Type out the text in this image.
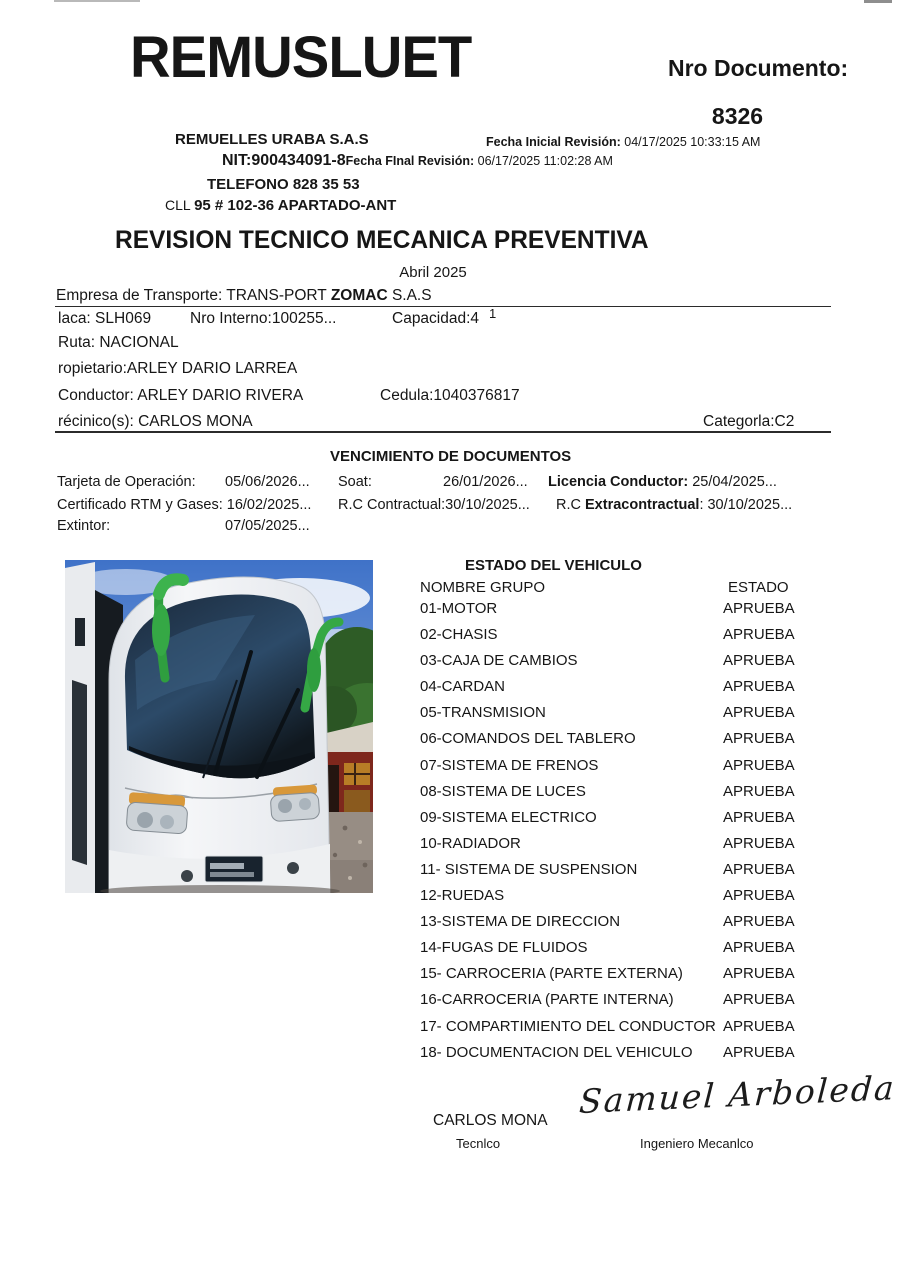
REMUSLUET	Nro Documento:
8326
REMUELLES URABA S.A.S	Fecha Inicial Revisión: 04/17/2025 10:33:15 AM
NIT:900434091-8Fecha FInal Revisión: 06/17/2025 11:02:28 AM
TELEFONO 828 35 53
CLL 95 # 102-36 APARTADO-ANT
REVISION TECNICO MECANICA PREVENTIVA
Abril 2025
Empresa de Transporte: TRANS-PORT ZOMAC S.A.S
laca: SLH069	Nro Interno:100255...	Capacidad:4 1
Ruta: NACIONAL
ropietario:ARLEY DARIO LARREA
Conductor: ARLEY DARIO RIVERA	Cedula:1040376817
récinico(s): CARLOS MONA	Categorla:C2
VENCIMIENTO DE DOCUMENTOS
Tarjeta de Operación: 05/06/2026... Soat:	26/01/2026... Licencia Conductor: 25/04/2025...
Certificado RTM y Gases: 16/02/2025... R.C Contractual:30/10/2025... R.C Extracontractual: 30/10/2025...
Extintor:	07/05/2025...
ESTADO DEL VEHICULO
NOMBRE GRUPO	ESTADO
01-MOTOR	APRUEBA
02-CHASIS	APRUEBA
03-CAJA DE CAMBIOS	APRUEBA
04-CARDAN	APRUEBA
05-TRANSMISION	APRUEBA
06-COMANDOS DEL TABLERO	APRUEBA
07-SISTEMA DE FRENOS	APRUEBA
08-SISTEMA DE LUCES	APRUEBA
09-SISTEMA ELECTRICO	APRUEBA
10-RADIADOR	APRUEBA
11- SISTEMA DE SUSPENSION	APRUEBA
12-RUEDAS	APRUEBA
13-SISTEMA DE DIRECCION	APRUEBA
14-FUGAS DE FLUIDOS	APRUEBA
15- CARROCERIA (PARTE EXTERNA)	APRUEBA
16-CARROCERIA (PARTE INTERNA)	APRUEBA
17- COMPARTIMIENTO DEL CONDUCTOR APRUEBA
18- DOCUMENTACION DEL VEHICULO	APRUEBA
Samuel Arboleda
CARLOS MONA
Tecnlco	Ingeniero Mecanlco
